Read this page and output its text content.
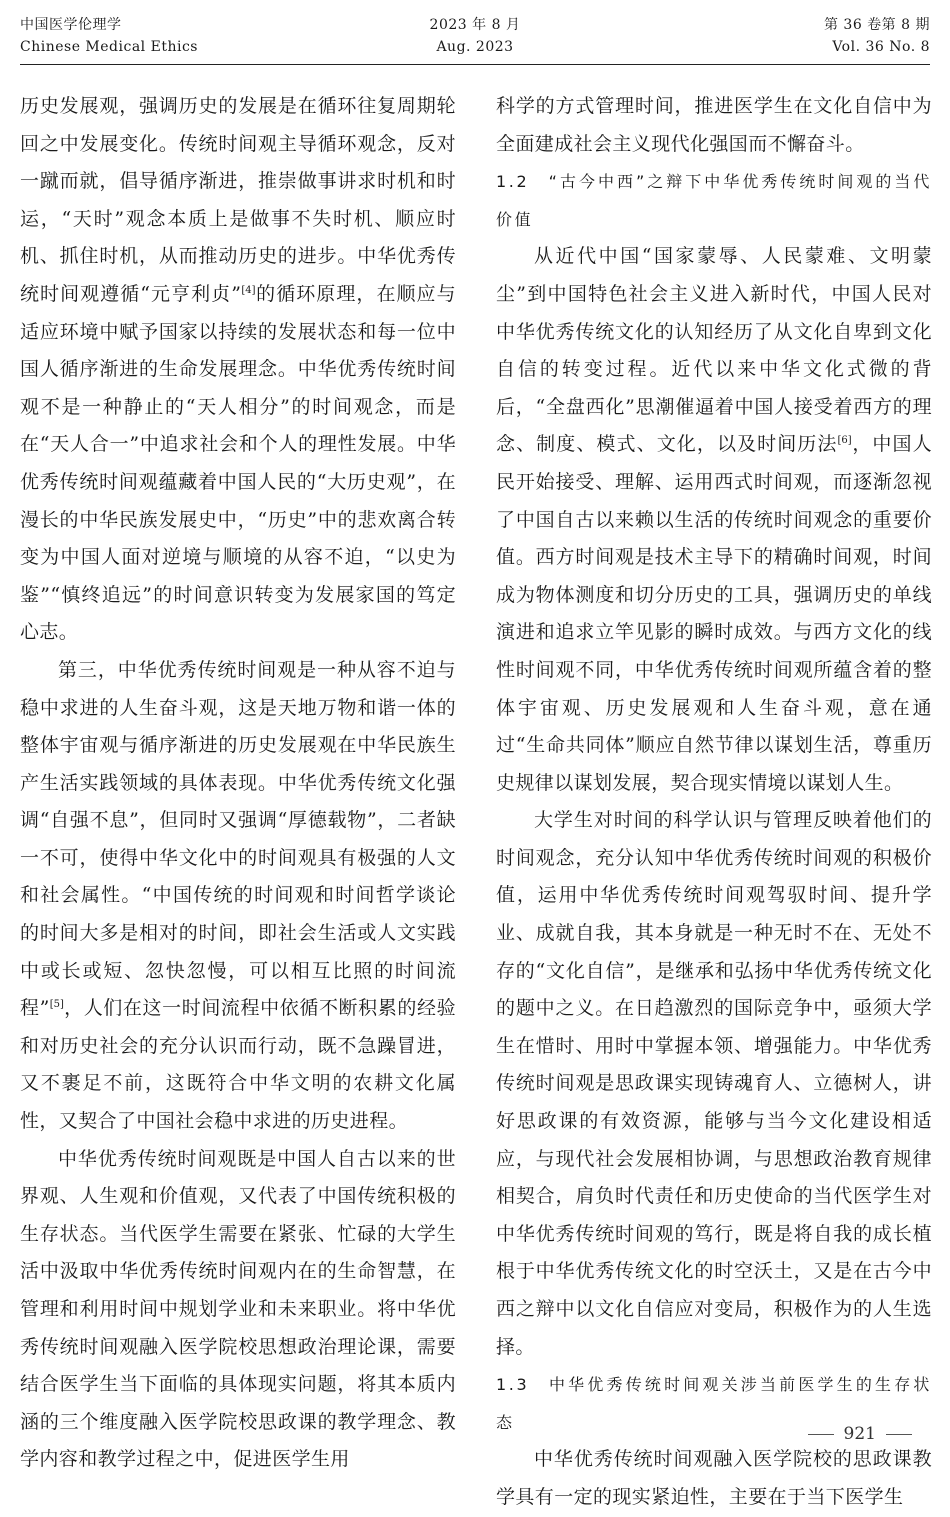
中国医学伦理学
Chinese Medical Ethics
2023 年 8 月
Aug. 2023
第 36 卷第 8 期
Vol. 36 No. 8

历史发展观，强调历史的发展是在循环往复周期轮回之中发展变化。传统时间观主导循环观念，反对一蹴而就，倡导循序渐进，推崇做事讲求时机和时运，“天时”观念本质上是做事不失时机、顺应时机、抓住时机，从而推动历史的进步。中华优秀传统时间观遵循“元亨利贞”[4]的循环原理，在顺应与适应环境中赋予国家以持续的发展状态和每一位中国人循序渐进的生命发展理念。中华优秀传统时间观不是一种静止的“天人相分”的时间观念，而是在“天人合一”中追求社会和个人的理性发展。中华优秀传统时间观蕴藏着中国人民的“大历史观”，在漫长的中华民族发展史中，“历史”中的悲欢离合转变为中国人面对逆境与顺境的从容不迫，“以史为鉴”“慎终追远”的时间意识转变为发展家国的笃定心志。

第三，中华优秀传统时间观是一种从容不迫与稳中求进的人生奋斗观，这是天地万物和谐一体的整体宇宙观与循序渐进的历史发展观在中华民族生产生活实践领域的具体表现。中华优秀传统文化强调“自强不息”，但同时又强调“厚德载物”，二者缺一不可，使得中华文化中的时间观具有极强的人文和社会属性。“中国传统的时间观和时间哲学谈论的时间大多是相对的时间，即社会生活或人文实践中或长或短、忽快忽慢，可以相互比照的时间流程”[5]，人们在这一时间流程中依循不断积累的经验和对历史社会的充分认识而行动，既不急躁冒进，又不裹足不前，这既符合中华文明的农耕文化属性，又契合了中国社会稳中求进的历史进程。

中华优秀传统时间观既是中国人自古以来的世界观、人生观和价值观，又代表了中国传统积极的生存状态。当代医学生需要在紧张、忙碌的大学生活中汲取中华优秀传统时间观内在的生命智慧，在管理和利用时间中规划学业和未来职业。将中华优秀传统时间观融入医学院校思想政治理论课，需要结合医学生当下面临的具体现实问题，将其本质内涵的三个维度融入医学院校思政课的教学理念、教学内容和教学过程之中，促进医学生用

科学的方式管理时间，推进医学生在文化自信中为全面建成社会主义现代化强国而不懈奋斗。

1.2　“古今中西”之辩下中华优秀传统时间观的当代价值

从近代中国“国家蒙辱、人民蒙难、文明蒙尘”到中国特色社会主义进入新时代，中国人民对中华优秀传统文化的认知经历了从文化自卑到文化自信的转变过程。近代以来中华文化式微的背后，“全盘西化”思潮催逼着中国人接受着西方的理念、制度、模式、文化，以及时间历法[6]，中国人民开始接受、理解、运用西式时间观，而逐渐忽视了中国自古以来赖以生活的传统时间观念的重要价值。西方时间观是技术主导下的精确时间观，时间成为物体测度和切分历史的工具，强调历史的单线演进和追求立竿见影的瞬时成效。与西方文化的线性时间观不同，中华优秀传统时间观所蕴含着的整体宇宙观、历史发展观和人生奋斗观，意在通过“生命共同体”顺应自然节律以谋划生活，尊重历史规律以谋划发展，契合现实情境以谋划人生。

大学生对时间的科学认识与管理反映着他们的时间观念，充分认知中华优秀传统时间观的积极价值，运用中华优秀传统时间观驾驭时间、提升学业、成就自我，其本身就是一种无时不在、无处不存的“文化自信”，是继承和弘扬中华优秀传统文化的题中之义。在日趋激烈的国际竞争中，亟须大学生在惜时、用时中掌握本领、增强能力。中华优秀传统时间观是思政课实现铸魂育人、立德树人，讲好思政课的有效资源，能够与当今文化建设相适应，与现代社会发展相协调，与思想政治教育规律相契合，肩负时代责任和历史使命的当代医学生对中华优秀传统时间观的笃行，既是将自我的成长植根于中华优秀传统文化的时空沃土，又是在古今中西之辩中以文化自信应对变局，积极作为的人生选择。

1.3　中华优秀传统时间观关涉当前医学生的生存状态

中华优秀传统时间观融入医学院校的思政课教学具有一定的现实紧迫性，主要在于当下医学生

921
